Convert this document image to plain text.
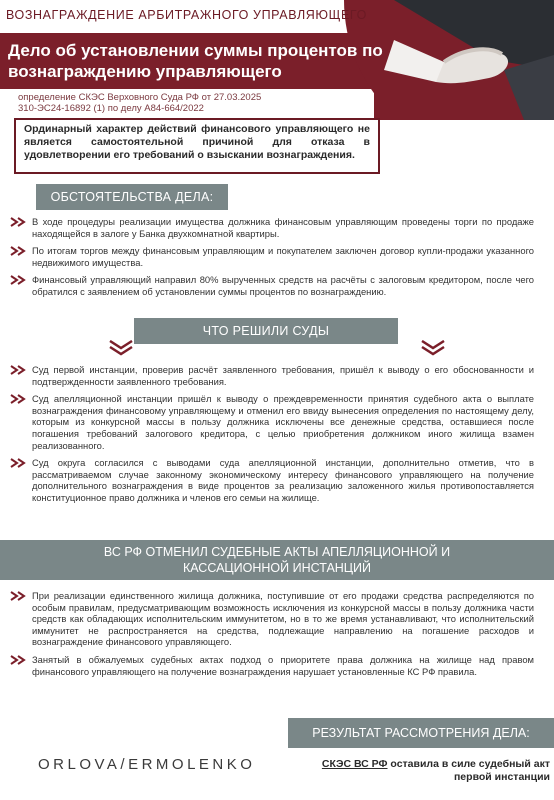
ВОЗНАГРАЖДЕНИЕ АРБИТРАЖНОГО УПРАВЛЯЮЩЕГО
Дело об установлении суммы процентов по вознаграждению управляющего
определение СКЭС Верховного Суда РФ от 27.03.2025
310-ЭС24-16892 (1) по делу А84-664/2022
Ординарный характер действий финансового управляющего не является самостоятельной причиной для отказа в удовлетворении его требований о взыскании вознаграждения.
ОБСТОЯТЕЛЬСТВА ДЕЛА:
В ходе процедуры реализации имущества должника финансовым управляющим проведены торги по продаже находящейся в залоге у Банка двухкомнатной квартиры.
По итогам торгов между финансовым управляющим и покупателем заключен договор купли-продажи указанного недвижимого имущества.
Финансовый управляющий направил 80% вырученных средств на расчёты с залоговым кредитором, после чего обратился с заявлением об установлении суммы процентов по вознаграждению.
ЧТО РЕШИЛИ СУДЫ
Суд первой инстанции, проверив расчёт заявленного требования, пришёл к выводу о его обоснованности и подтвержденности заявленного требования.
Суд апелляционной инстанции пришёл к выводу о преждевременности принятия судебного акта о выплате вознаграждения финансовому управляющему и отменил его ввиду вынесения определения по настоящему делу, которым из конкурсной массы в пользу должника исключены все денежные средства, оставшиеся после погашения требований залогового кредитора, с целью приобретения должником иного жилища взамен реализованного.
Суд округа согласился с выводами суда апелляционной инстанции, дополнительно отметив, что в рассматриваемом случае законному экономическому интересу финансового управляющего на получение дополнительного вознаграждения в виде процентов за реализацию заложенного жилья противопоставляется конституционное право должника и членов его семьи на жилище.
ВС РФ ОТМЕНИЛ СУДЕБНЫЕ АКТЫ АПЕЛЛЯЦИОННОЙ И
КАССАЦИОННОЙ ИНСТАНЦИЙ
При реализации единственного жилища должника, поступившие от его продажи средства распределяются по особым правилам, предусматривающим возможность исключения из конкурсной массы в пользу должника части средств как обладающих исполнительским иммунитетом, но в то же время устанавливают, что исполнительский иммунитет не распространяется на средства, подлежащие направлению на погашение расходов и вознаграждение финансового управляющего.
Занятый в обжалуемых судебных актах подход о приоритете права должника на жилище над правом финансового управляющего на получение вознаграждения нарушает установленные КС РФ правила.
РЕЗУЛЬТАТ РАССМОТРЕНИЯ ДЕЛА:
ORLOVA/ERMOLENKO	СКЭС ВС РФ оставила в силе судебный акт первой инстанции
